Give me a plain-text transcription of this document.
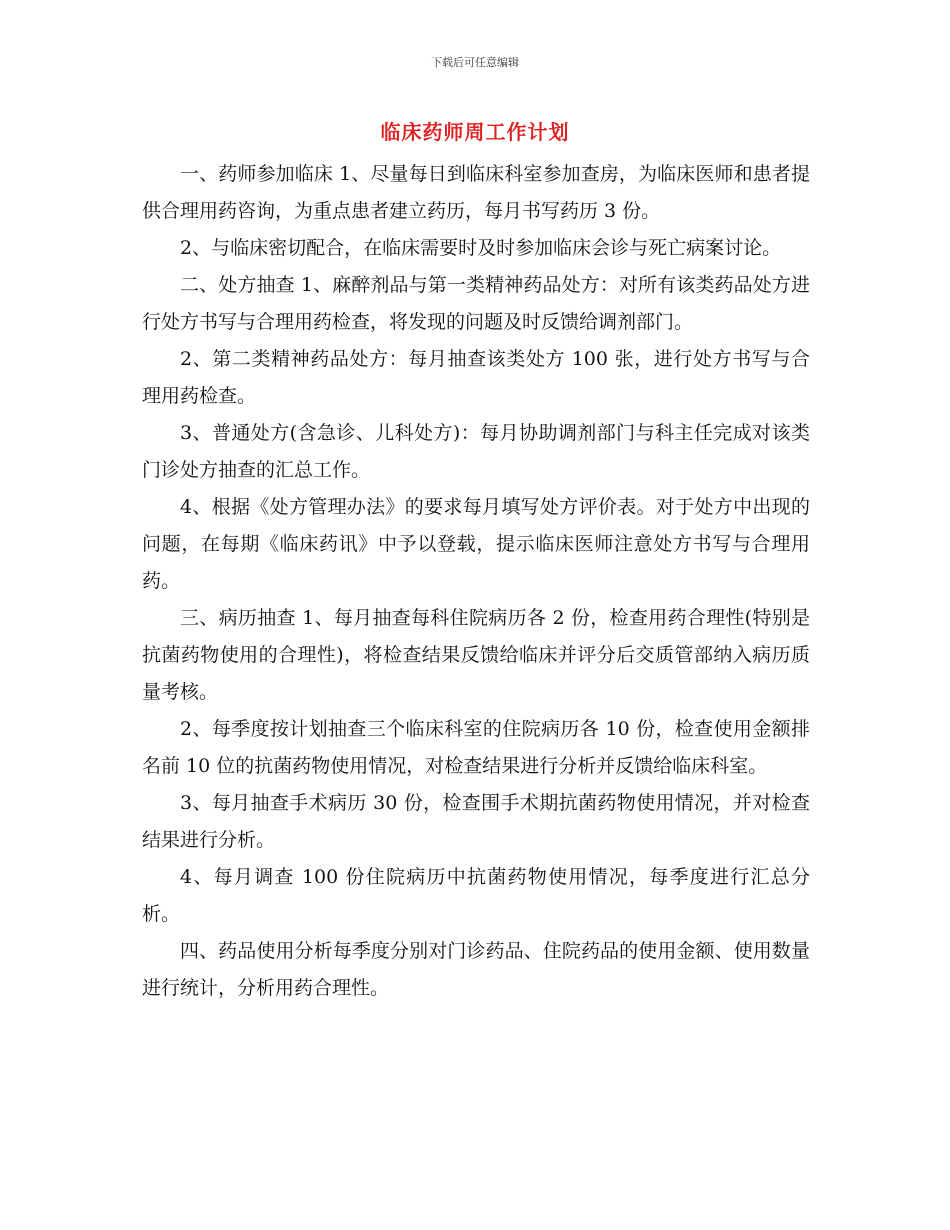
下载后可任意编辑
临床药师周工作计划

一、药师参加临床 1、尽量每日到临床科室参加查房，为临床医师和患者提供合理用药咨询，为重点患者建立药历，每月书写药历 3 份。

2、与临床密切配合，在临床需要时及时参加临床会诊与死亡病案讨论。

二、处方抽查 1、麻醉剂品与第一类精神药品处方：对所有该类药品处方进行处方书写与合理用药检查，将发现的问题及时反馈给调剂部门。

2、第二类精神药品处方：每月抽查该类处方 100 张，进行处方书写与合理用药检查。

3、普通处方(含急诊、儿科处方)：每月协助调剂部门与科主任完成对该类门诊处方抽查的汇总工作。

4、根据《处方管理办法》的要求每月填写处方评价表。对于处方中出现的问题，在每期《临床药讯》中予以登载，提示临床医师注意处方书写与合理用药。

三、病历抽查 1、每月抽查每科住院病历各 2 份，检查用药合理性(特别是抗菌药物使用的合理性)，将检查结果反馈给临床并评分后交质管部纳入病历质量考核。

2、每季度按计划抽查三个临床科室的住院病历各 10 份，检查使用金额排名前 10 位的抗菌药物使用情况，对检查结果进行分析并反馈给临床科室。

3、每月抽查手术病历 30 份，检查围手术期抗菌药物使用情况，并对检查结果进行分析。

4、每月调查 100 份住院病历中抗菌药物使用情况，每季度进行汇总分析。

四、药品使用分析每季度分别对门诊药品、住院药品的使用金额、使用数量进行统计，分析用药合理性。
